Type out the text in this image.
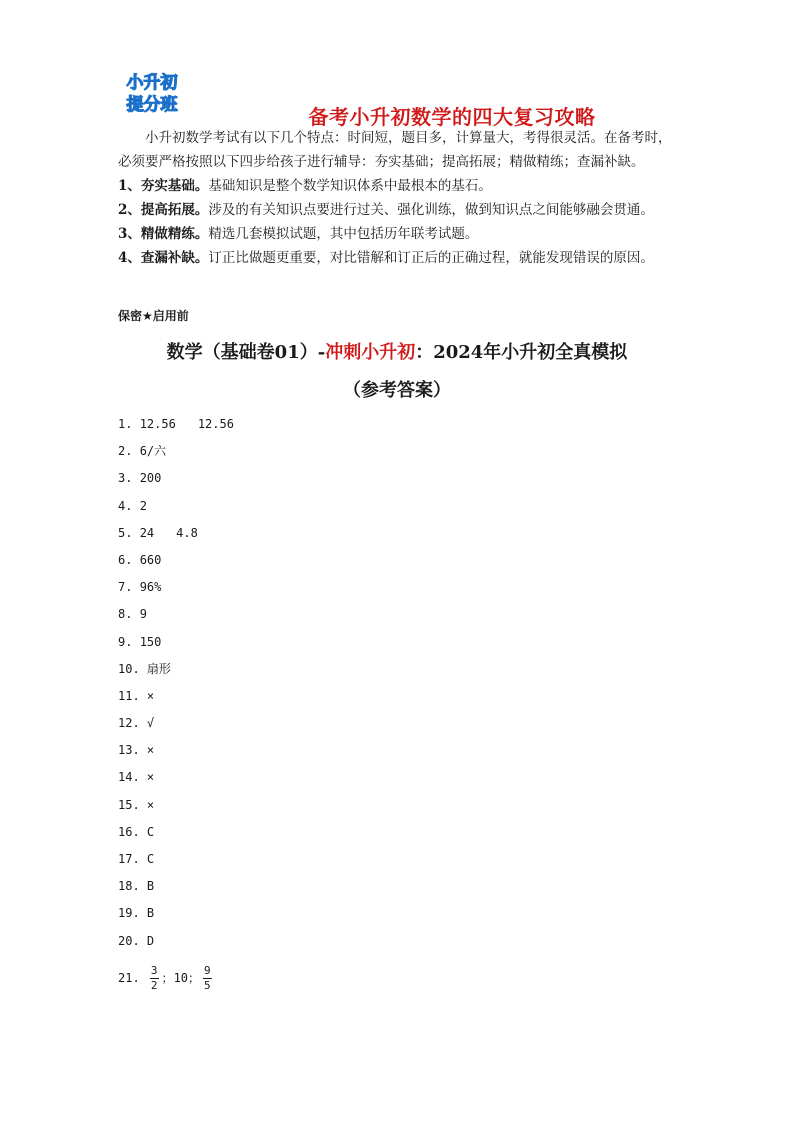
小升初
提分班	备考小升初数学的四大复习攻略

小升初数学考试有以下几个特点：时间短，题目多，计算量大，考得很灵活。在备考时，必须要严格按照以下四步给孩子进行辅导：夯实基础；提高拓展；精做精练；查漏补缺。

1、夯实基础。基础知识是整个数学知识体系中最根本的基石。

2、提高拓展。涉及的有关知识点要进行过关、强化训练，做到知识点之间能够融会贯通。

3、精做精练。精选几套模拟试题，其中包括历年联考试题。

4、查漏补缺。订正比做题更重要，对比错解和订正后的正确过程，就能发现错误的原因。

保密★启用前
数学（基础卷01）-冲刺小升初：2024年小升初全真模拟
（参考答案）
1. 12.56 12.56
2. 6/六
3. 200
4. 2
5. 24 4.8
6. 660
7. 96%
8. 9
9. 150
10. 扇形
11. ×
12. √
13. ×
14. ×
15. ×
16. C
17. C
18. B
19. B
20. D
21. $\frac{3}{2}$ ；10； $\frac{9}{5}$
